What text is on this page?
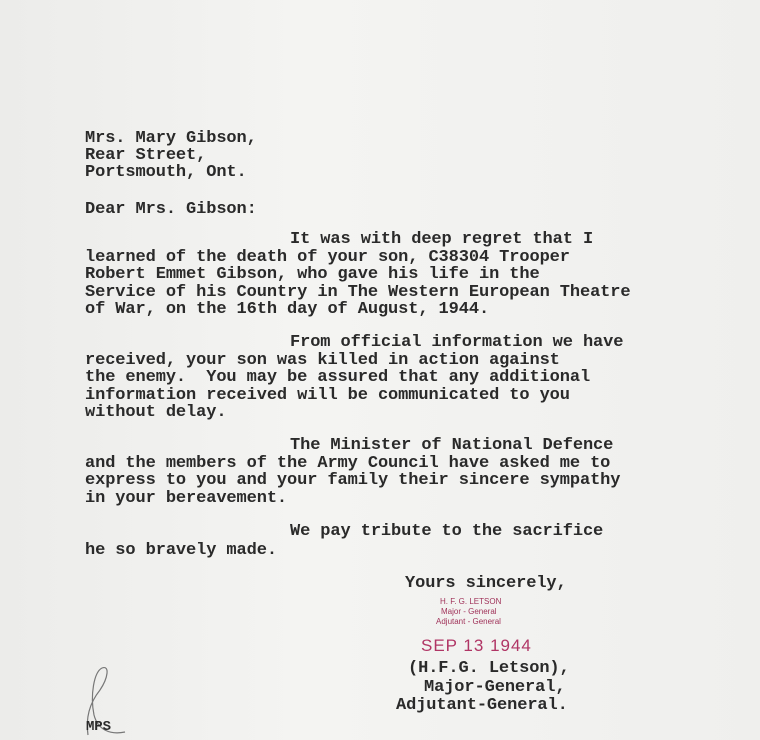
Mrs. Mary Gibson,
Rear Street,
Portsmouth, Ont.
Dear Mrs. Gibson:
It was with deep regret that I
learned of the death of your son, C38304 Trooper
Robert Emmet Gibson, who gave his life in the
Service of his Country in The Western European Theatre
of War, on the 16th day of August, 1944.
From official information we have
received, your son was killed in action against
the enemy.  You may be assured that any additional
information received will be communicated to you
without delay.
The Minister of National Defence
and the members of the Army Council have asked me to
express to you and your family their sincere sympathy
in your bereavement.
We pay tribute to the sacrifice
he so bravely made.
Yours sincerely,
H. F. G. LETSON
Major - General
Adjutant - General
SEP 13 1944
(H.F.G. Letson),
Major-General,
Adjutant-General.
MPS
